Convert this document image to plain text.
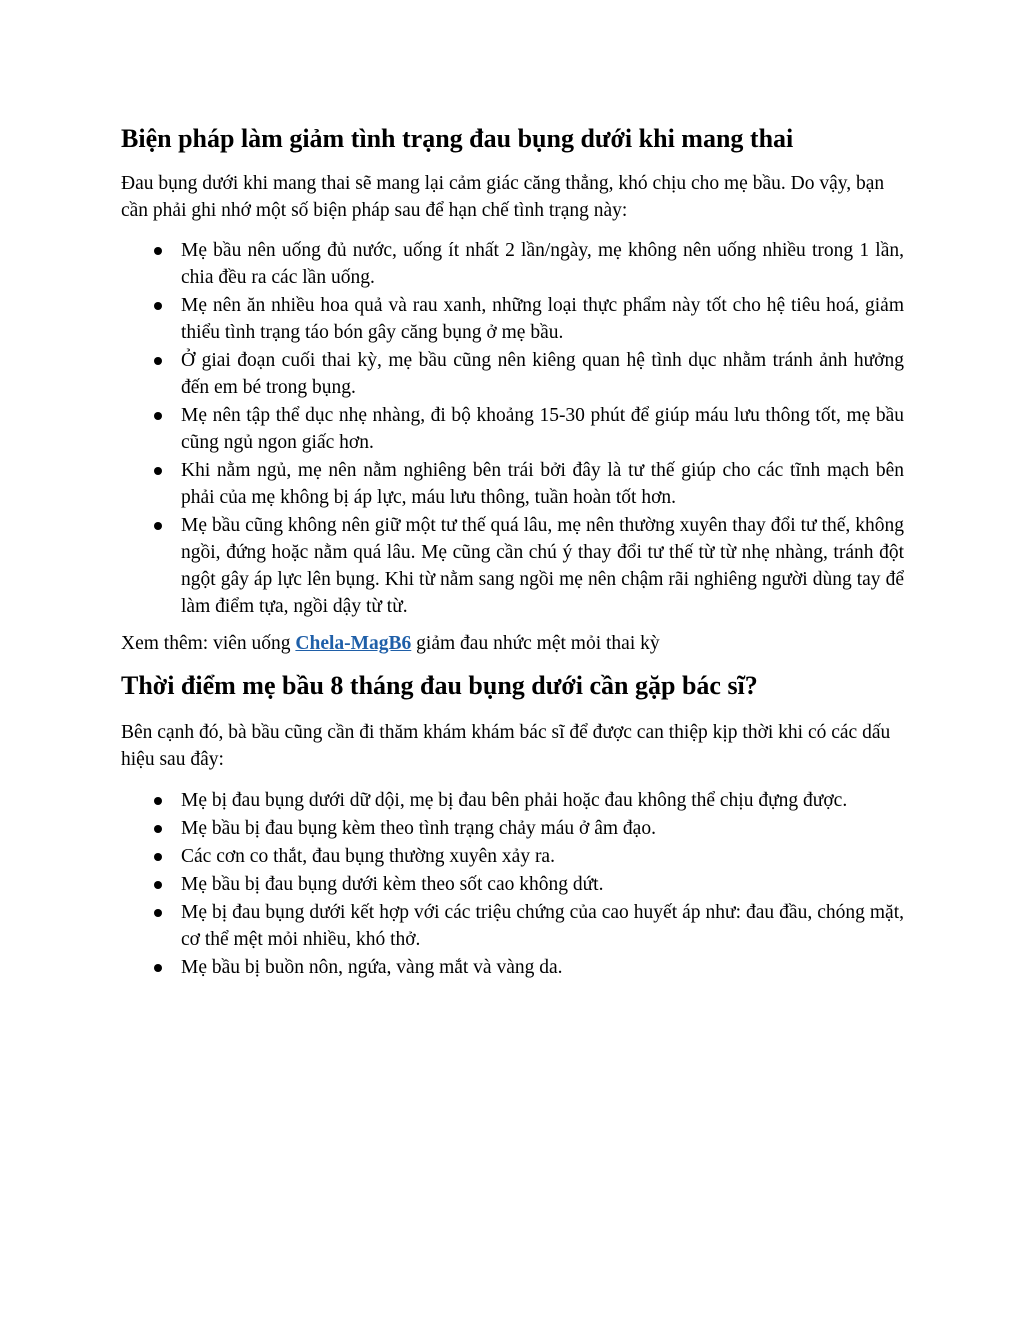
Biện pháp làm giảm tình trạng đau bụng dưới khi mang thai

Đau bụng dưới khi mang thai sẽ mang lại cảm giác căng thẳng, khó chịu cho mẹ bầu. Do vậy, bạn cần phải ghi nhớ một số biện pháp sau để hạn chế tình trạng này:

Mẹ bầu nên uống đủ nước, uống ít nhất 2 lần/ngày, mẹ không nên uống nhiều trong 1 lần, chia đều ra các lần uống.
Mẹ nên ăn nhiều hoa quả và rau xanh, những loại thực phẩm này tốt cho hệ tiêu hoá, giảm thiểu tình trạng táo bón gây căng bụng ở mẹ bầu.
Ở giai đoạn cuối thai kỳ, mẹ bầu cũng nên kiêng quan hệ tình dục nhằm tránh ảnh hưởng đến em bé trong bụng.
Mẹ nên tập thể dục nhẹ nhàng, đi bộ khoảng 15-30 phút để giúp máu lưu thông tốt, mẹ bầu cũng ngủ ngon giấc hơn.
Khi nằm ngủ, mẹ nên nằm nghiêng bên trái bởi đây là tư thế giúp cho các tĩnh mạch bên phải của mẹ không bị áp lực, máu lưu thông, tuần hoàn tốt hơn.
Mẹ bầu cũng không nên giữ một tư thế quá lâu, mẹ nên thường xuyên thay đổi tư thế, không ngồi, đứng hoặc nằm quá lâu. Mẹ cũng cần chú ý thay đổi tư thế từ từ nhẹ nhàng, tránh đột ngột gây áp lực lên bụng. Khi từ nằm sang ngồi mẹ nên chậm rãi nghiêng người dùng tay để làm điểm tựa, ngồi dậy từ từ.

Xem thêm: viên uống Chela-MagB6 giảm đau nhức mệt mỏi thai kỳ

Thời điểm mẹ bầu 8 tháng đau bụng dưới cần gặp bác sĩ?

Bên cạnh đó, bà bầu cũng cần đi thăm khám khám bác sĩ để được can thiệp kịp thời khi có các dấu hiệu sau đây:

Mẹ bị đau bụng dưới dữ dội, mẹ bị đau bên phải hoặc đau không thể chịu đựng được.
Mẹ bầu bị đau bụng kèm theo tình trạng chảy máu ở âm đạo.
Các cơn co thắt, đau bụng thường xuyên xảy ra.
Mẹ bầu bị đau bụng dưới kèm theo sốt cao không dứt.
Mẹ bị đau bụng dưới kết hợp với các triệu chứng của cao huyết áp như: đau đầu, chóng mặt, cơ thể mệt mỏi nhiều, khó thở.
Mẹ bầu bị buồn nôn, ngứa, vàng mắt và vàng da.
